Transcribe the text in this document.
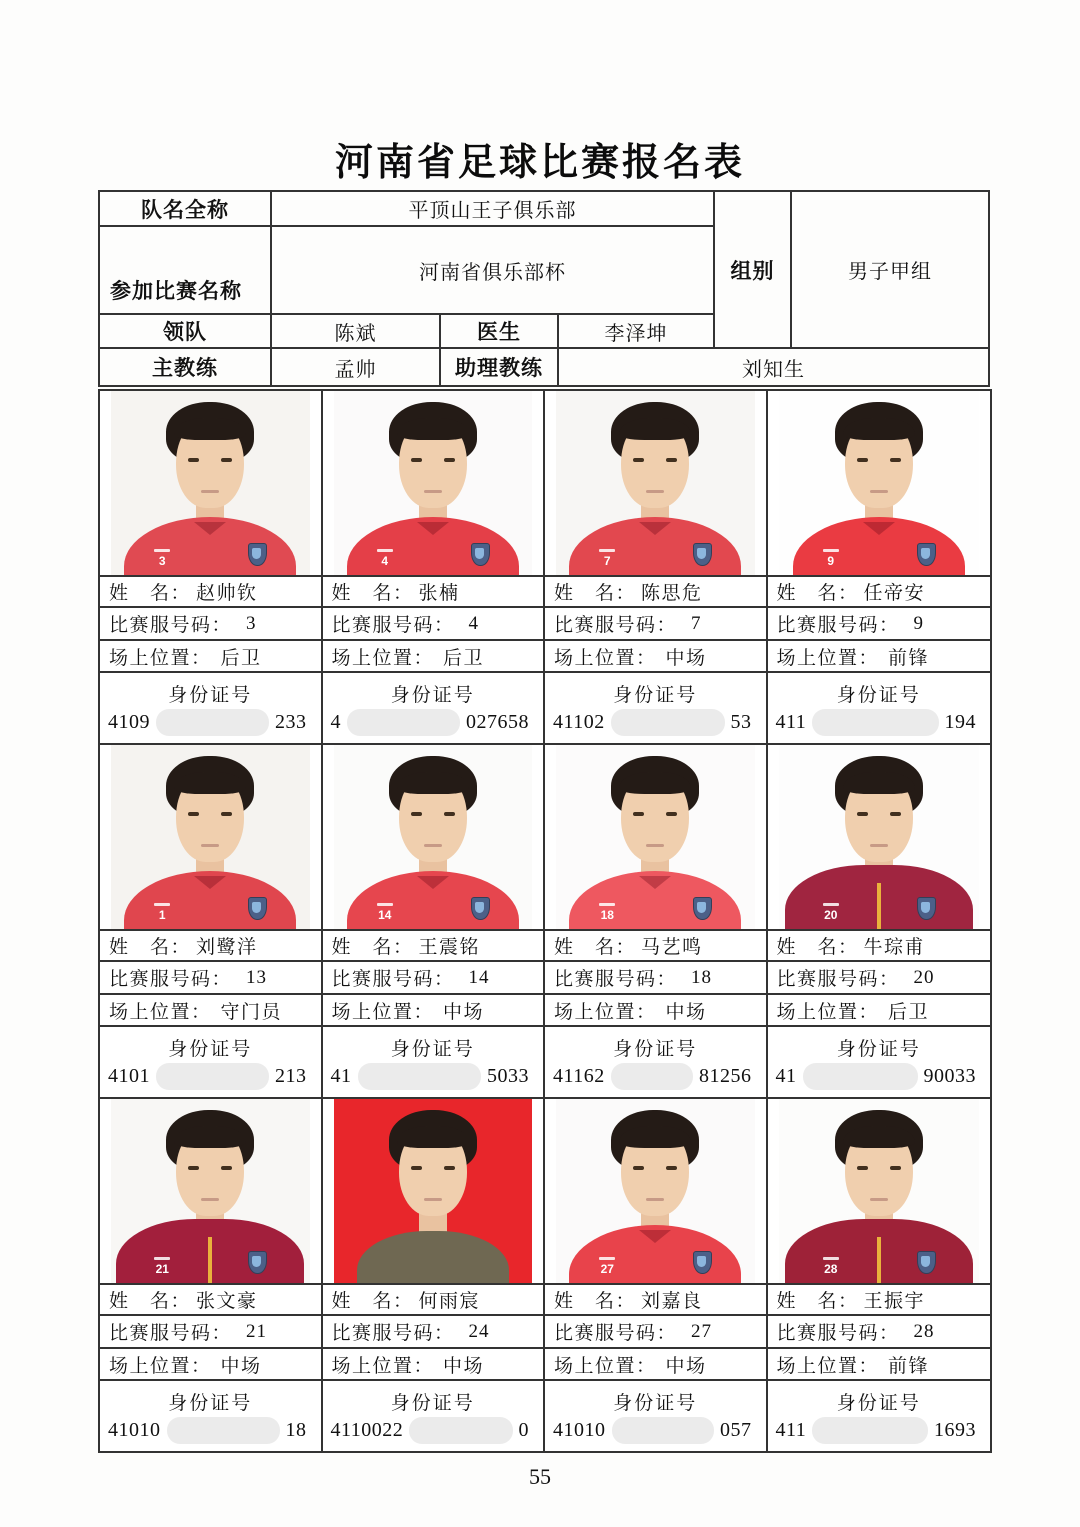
河南省足球比赛报名表
队名全称	平顶山王子俱乐部			组别	男子甲组
参加比赛名称	河南省俱乐部杯				
领队	陈斌	医生	李泽坤		
主教练	孟帅	助理教练	刘知生		
3
姓　名： 赵帅钦
比赛服号码： 3
场上位置： 后卫
身份证号
4109	233
4
姓　名： 张楠
比赛服号码： 4
场上位置： 后卫
身份证号
4	027658
7
姓　名： 陈思危
比赛服号码： 7
场上位置： 中场
身份证号
41102	53
9
姓　名： 任帝安
比赛服号码： 9
场上位置： 前锋
身份证号
411	194
1
姓　名： 刘鹭洋
比赛服号码： 13
场上位置： 守门员
身份证号
4101	213
14
姓　名： 王震铭
比赛服号码： 14
场上位置： 中场
身份证号
41	5033
18
姓　名： 马艺鸣
比赛服号码： 18
场上位置： 中场
身份证号
41162	81256
20
姓　名： 牛琮甫
比赛服号码： 20
场上位置： 后卫
身份证号
41	90033
21
姓　名： 张文豪
比赛服号码： 21
场上位置： 中场
身份证号
41010	18
姓　名： 何雨宸
比赛服号码： 24
场上位置： 中场
身份证号
4110022	0
27
姓　名： 刘嘉良
比赛服号码： 27
场上位置： 中场
身份证号
41010	057
28
姓　名： 王振宇
比赛服号码： 28
场上位置： 前锋
身份证号
411	1693
55
